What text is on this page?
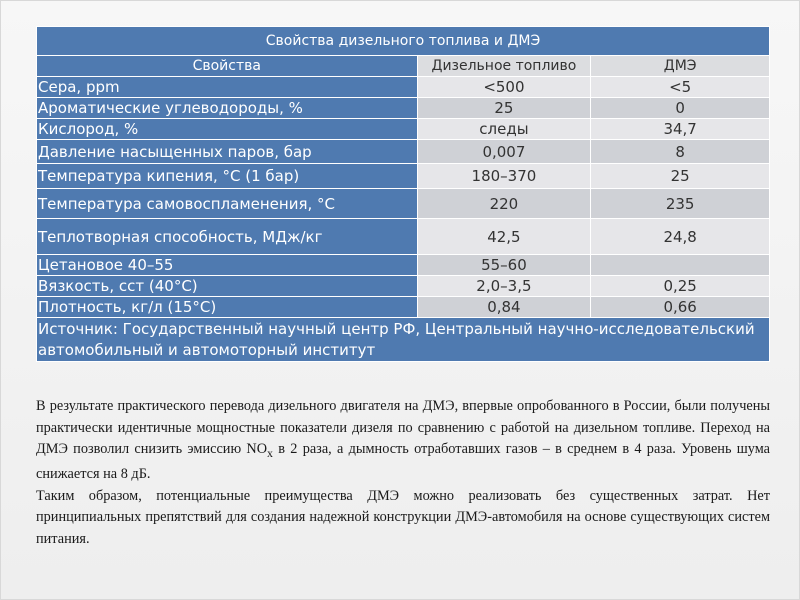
Свойства дизельного топлива и ДМЭ		
Свойства	Дизельное топливо	ДМЭ
Сера, ppm	<500	<5
Ароматические углеводороды, %	25	0
Кислород, %	следы	34,7
Давление насыщенных паров, бар	0,007	8
Температура кипения, °C (1 бар)	180–370	25
Температура самовоспламенения, °C	220	235
Теплотворная способность, МДж/кг	42,5	24,8
Цетановое 40–55	55–60	
Вязкость, сст (40°C)	2,0–3,5	0,25
Плотность, кг/л (15°C)	0,84	0,66
Источник: Государственный научный центр РФ, Центральный научно-исследовательский автомобильный и автомоторный институт		

В результате практического перевода дизельного двигателя на ДМЭ, впервые опробованного в России, были получены практически идентичные мощностные показатели дизеля по сравнению с работой на дизельном топливе. Переход на ДМЭ позволил снизить эмиссию $NO_x$ в 2 раза, а дымность отработавших газов – в среднем в 4 раза. Уровень шума снижается на 8 дБ.

Таким образом, потенциальные преимущества ДМЭ можно реализовать без существенных затрат. Нет принципиальных препятствий для создания надежной конструкции ДМЭ-автомобиля на основе существующих систем питания.
